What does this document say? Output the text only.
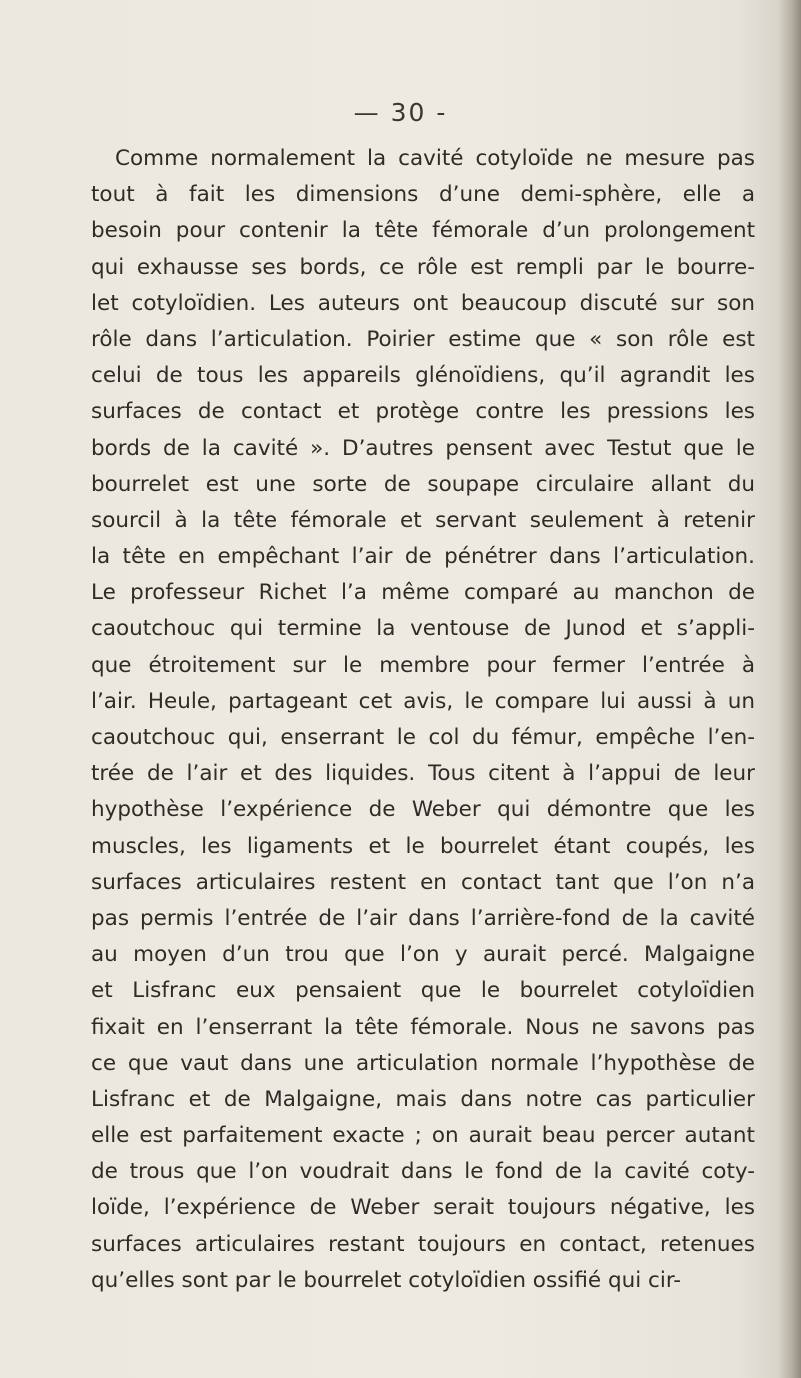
— 30 -
Comme normalement la cavité cotyloïde ne mesure pas
tout à fait les dimensions d’une demi-sphère, elle a
besoin pour contenir la tête fémorale d’un prolongement
qui exhausse ses bords, ce rôle est rempli par le bourre-
let cotyloïdien. Les auteurs ont beaucoup discuté sur son
rôle dans l’articulation. Poirier estime que « son rôle est
celui de tous les appareils glénoïdiens, qu’il agrandit les
surfaces de contact et protège contre les pressions les
bords de la cavité ». D’autres pensent avec Testut que le
bourrelet est une sorte de soupape circulaire allant du
sourcil à la tête fémorale et servant seulement à retenir
la tête en empêchant l’air de pénétrer dans l’articulation.
Le professeur Richet l’a même comparé au manchon de
caoutchouc qui termine la ventouse de Junod et s’appli-
que étroitement sur le membre pour fermer l’entrée à
l’air. Heule, partageant cet avis, le compare lui aussi à un
caoutchouc qui, enserrant le col du fémur, empêche l’en-
trée de l’air et des liquides. Tous citent à l’appui de leur
hypothèse l’expérience de Weber qui démontre que les
muscles, les ligaments et le bourrelet étant coupés, les
surfaces articulaires restent en contact tant que l’on n’a
pas permis l’entrée de l’air dans l’arrière-fond de la cavité
au moyen d’un trou que l’on y aurait percé. Malgaigne
et Lisfranc eux pensaient que le bourrelet cotyloïdien
fixait en l’enserrant la tête fémorale. Nous ne savons pas
ce que vaut dans une articulation normale l’hypothèse de
Lisfranc et de Malgaigne, mais dans notre cas particulier
elle est parfaitement exacte ; on aurait beau percer autant
de trous que l’on voudrait dans le fond de la cavité coty-
loïde, l’expérience de Weber serait toujours négative, les
surfaces articulaires restant toujours en contact, retenues
qu’elles sont par le bourrelet cotyloïdien ossifié qui cir-
